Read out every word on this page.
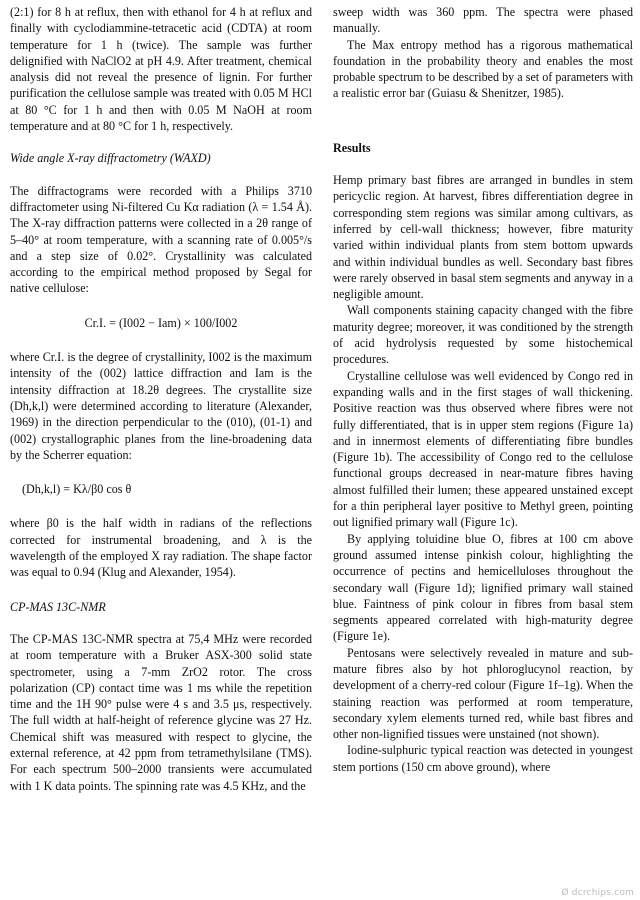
(2:1) for 8 h at reflux, then with ethanol for 4 h at reflux and finally with cyclodiammine-tetracetic acid (CDTA) at room temperature for 1 h (twice). The sample was further delignified with NaClO2 at pH 4.9. After treatment, chemical analysis did not reveal the presence of lignin. For further purification the cellulose sample was treated with 0.05 M HCl at 80 °C for 1 h and then with 0.05 M NaOH at room temperature and at 80 °C for 1 h, respectively.

Wide angle X-ray diffractometry (WAXD)

The diffractograms were recorded with a Philips 3710 diffractometer using Ni-filtered Cu Kα radiation (λ = 1.54 Å). The X-ray diffraction patterns were collected in a 2θ range of 5–40° at room temperature, with a scanning rate of 0.005°/s and a step size of 0.02°. Crystallinity was calculated according to the empirical method proposed by Segal for native cellulose:

Cr.I. = (I002 − Iam) × 100/I002

where Cr.I. is the degree of crystallinity, I002 is the maximum intensity of the (002) lattice diffraction and Iam is the intensity diffraction at 18.2θ degrees. The crystallite size (Dh,k,l) were determined according to literature (Alexander, 1969) in the direction perpendicular to the (010), (01-1) and (002) crystallographic planes from the line-broadening data by the Scherrer equation:

(Dh,k,l) = Kλ/β0 cos θ

where β0 is the half width in radians of the reflections corrected for instrumental broadening, and λ is the wavelength of the employed X ray radiation. The shape factor was equal to 0.94 (Klug and Alexander, 1954).

CP-MAS 13C-NMR

The CP-MAS 13C-NMR spectra at 75,4 MHz were recorded at room temperature with a Bruker ASX-300 solid state spectrometer, using a 7-mm ZrO2 rotor. The cross polarization (CP) contact time was 1 ms while the repetition time and the 1H 90° pulse were 4 s and 3.5 μs, respectively. The full width at half-height of reference glycine was 27 Hz. Chemical shift was measured with respect to glycine, the external reference, at 42 ppm from tetramethylsilane (TMS). For each spectrum 500–2000 transients were accumulated with 1 K data points. The spinning rate was 4.5 KHz, and the

sweep width was 360 ppm. The spectra were phased manually.

The Max entropy method has a rigorous mathematical foundation in the probability theory and enables the most probable spectrum to be described by a set of parameters with a realistic error bar (Guiasu & Shenitzer, 1985).

Results

Hemp primary bast fibres are arranged in bundles in stem pericyclic region. At harvest, fibres differentiation degree in corresponding stem regions was similar among cultivars, as inferred by cell-wall thickness; however, fibre maturity varied within individual plants from stem bottom upwards and within individual bundles as well. Secondary bast fibres were rarely observed in basal stem segments and anyway in a negligible amount.

Wall components staining capacity changed with the fibre maturity degree; moreover, it was conditioned by the strength of acid hydrolysis requested by some histochemical procedures.

Crystalline cellulose was well evidenced by Congo red in expanding walls and in the first stages of wall thickening. Positive reaction was thus observed where fibres were not fully differentiated, that is in upper stem regions (Figure 1a) and in innermost elements of differentiating fibre bundles (Figure 1b). The accessibility of Congo red to the cellulose functional groups decreased in near-mature fibres having almost fulfilled their lumen; these appeared unstained except for a thin peripheral layer positive to Methyl green, pointing out lignified primary wall (Figure 1c).

By applying toluidine blue O, fibres at 100 cm above ground assumed intense pinkish colour, highlighting the occurrence of pectins and hemicelluloses throughout the secondary wall (Figure 1d); lignified primary wall stained blue. Faintness of pink colour in fibres from basal stem segments appeared correlated with high-maturity degree (Figure 1e).

Pentosans were selectively revealed in mature and sub-mature fibres also by hot phloroglucynol reaction, by development of a cherry-red colour (Figure 1f–1g). When the staining reaction was performed at room temperature, secondary xylem elements turned red, while bast fibres and other non-lignified tissues were unstained (not shown).

Iodine-sulphuric typical reaction was detected in youngest stem portions (150 cm above ground), where

Ø dcrchips.com
